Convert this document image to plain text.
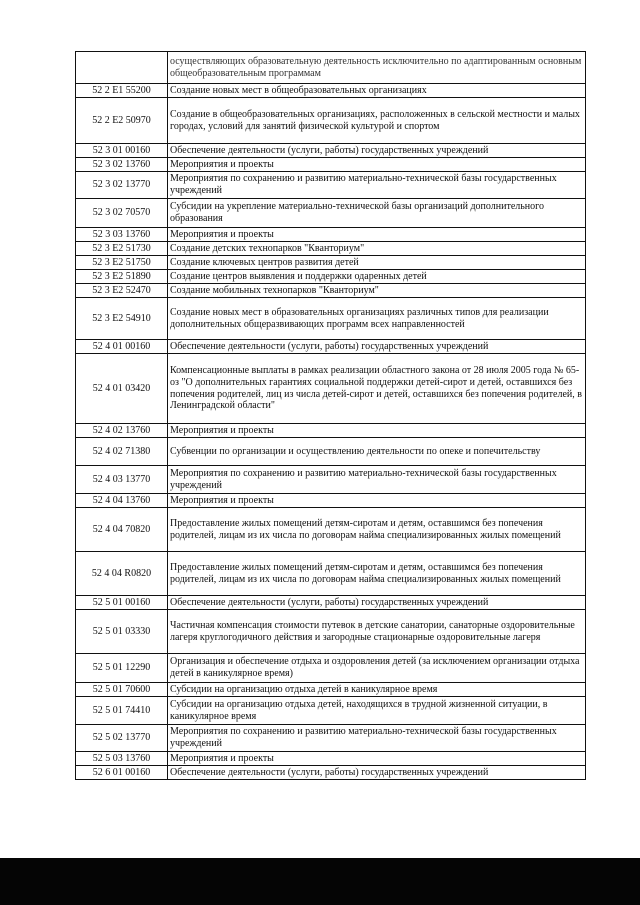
	осуществляющих образовательную деятельность исключительно по адаптированным основным общеобразовательным программам
52 2 Е1 55200	Создание новых мест в общеобразовательных организациях
52 2 Е2 50970	Создание в общеобразовательных организациях, расположенных в сельской местности и малых городах, условий для занятий физической культурой и спортом
52 3 01 00160	Обеспечение деятельности (услуги, работы) государственных учреждений
52 3 02 13760	Мероприятия и проекты
52 3 02 13770	Мероприятия по сохранению и развитию материально-технической базы государственных учреждений
52 3 02 70570	Субсидии на укрепление материально-технической базы организаций дополнительного образования
52 3 03 13760	Мероприятия и проекты
52 3 Е2 51730	Создание детских технопарков "Кванториум"
52 3 Е2 51750	Создание ключевых центров развития детей
52 3 Е2 51890	Создание центров выявления и поддержки одаренных детей
52 3 Е2 52470	Создание мобильных технопарков "Кванториум"
52 3 Е2 54910	Создание новых мест в образовательных организациях различных типов для реализации дополнительных общеразвивающих программ всех направленностей
52 4 01 00160	Обеспечение деятельности (услуги, работы) государственных учреждений
52 4 01 03420	Компенсационные выплаты в рамках реализации областного закона от 28 июля 2005 года № 65-оз "О дополнительных гарантиях социальной поддержки детей-сирот и детей, оставшихся без попечения родителей, лиц из числа детей-сирот и детей, оставшихся без попечения родителей, в Ленинградской области"
52 4 02 13760	Мероприятия и проекты
52 4 02 71380	Субвенции по организации и осуществлению деятельности по опеке и попечительству
52 4 03 13770	Мероприятия по сохранению и развитию материально-технической базы государственных учреждений
52 4 04 13760	Мероприятия и проекты
52 4 04 70820	Предоставление жилых помещений детям-сиротам и детям, оставшимся без попечения родителей, лицам из их числа по договорам найма специализированных жилых помещений
52 4 04 R0820	Предоставление жилых помещений детям-сиротам и детям, оставшимся без попечения родителей, лицам из их числа по договорам найма специализированных жилых помещений
52 5 01 00160	Обеспечение деятельности (услуги, работы) государственных учреждений
52 5 01 03330	Частичная компенсация стоимости путевок в детские санатории, санаторные оздоровительные лагеря круглогодичного действия и загородные стационарные оздоровительные лагеря
52 5 01 12290	Организация и обеспечение отдыха и оздоровления детей (за исключением организации отдыха детей в каникулярное время)
52 5 01 70600	Субсидии на организацию отдыха детей в каникулярное время
52 5 01 74410	Субсидии на организацию отдыха детей, находящихся в трудной жизненной ситуации, в каникулярное время
52 5 02 13770	Мероприятия по сохранению и развитию материально-технической базы государственных учреждений
52 5 03 13760	Мероприятия и проекты
52 6 01 00160	Обеспечение деятельности (услуги, работы) государственных учреждений
